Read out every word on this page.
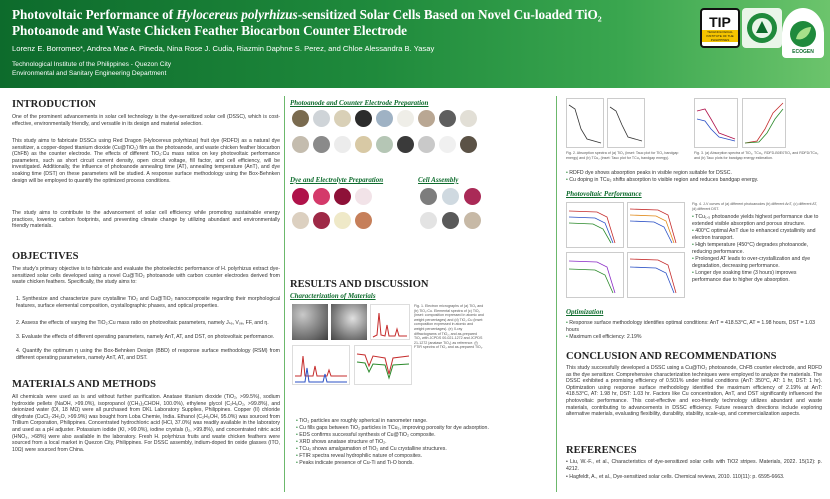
Photovoltaic Performance of Hylocereus polyrhizus-sensitized Solar Cells Based on Novel Cu-loaded TiO₂ Photoanode and Waste Chicken Feather Biocarbon Counter Electrode
Lorenz E. Borromeo*, Andrea Mae A. Pineda, Nina Rose J. Cudia, Riazmin Daphne S. Perez, and Chloe Alessandra B. Yasay
Technological Institute of the Philippines - Quezon City
Environmental and Sanitary Engineering Department
TIP
TECHNOLOGICAL INSTITUTE OF THE PHILIPPINES
ECOGEN
INTRODUCTION
One of the prominent advancements in solar cell technology is the dye-sensitized solar cell (DSSC), which is cost-effective, environmentally friendly, and versatile in its design and material selection.
This study aims to fabricate DSSCs using Red Dragon (Hylocereus polyrhizus) fruit dye (RDFD) as a natural dye sensitizer, a copper-doped titanium dioxide (Cu@TiO₂) film as the photoanode, and waste chicken feather biocarbon (ChFB) as the counter electrode. The effects of different TiO₂:Cu mass ratios on key photovoltaic performance parameters, such as short circuit current density, open circuit voltage, fill factor, and cell efficiency, will be investigated. Additionally, the influence of photoanode annealing time (AT), annealing temperature (AnT), and dye soaking time (DST) on these parameters will be studied. A response surface methodology using the Box-Behnken design will be employed to quantify the optimized process conditions.
The study aims to contribute to the advancement of solar cell efficiency while promoting sustainable energy practices, lowering carbon footprints, and preventing climate change by utilizing abundant and environmentally friendly materials.
OBJECTIVES
The study's primary objective is to fabricate and evaluate the photoelectric performance of H. polyrhizus extract dye-sensitized solar cells developed using a novel Cu@TiO₂ photoanode with carbon counter electrodes derived from waste chicken feathers. Specifically, the study aims to:
1. Synthesize and characterize pure crystalline TiO₂ and Cu@TiO₂ nanocomposite regarding their morphological features, surface elemental composition, crystallographic phases, and optical properties.
2. Assess the effects of varying the TiO₂:Cu mass ratio on photovoltaic parameters, namely Jₛₑ, Vₒₑ, FF, and η.
3. Evaluate the effects of different operating parameters, namely AnT, AT, and DST, on photovoltaic performance.
4. Quantify the optimum η using the Box-Behnken Design (BBD) of response surface methodology (RSM) from different operating parameters, namely AnT, AT, and DST.
MATERIALS AND METHODS
All chemicals were used as is and without further purification. Anatase titanium dioxide (TiO₂, >99.5%), sodium hydroxide pellets (NaOH, >99.0%), isopropanol ((CH₃)₂CHOH, 100.0%), ethylene glycol (C₂H₆O₂, >99.8%), and deionized water (DI, 18 MΩ) were all purchased from DKL Laboratory Supplies, Philippines. Copper (II) chloride dihydrate (CuCl₂·2H₂O, >99.9%) was bought from Loba Chemie, India. Ethanol (C₂H₅OH, 95.0%) was sourced from Trillium Corporation, Philippines. Concentrated hydrochloric acid (HCl, 37.0%) was readily available in the laboratory and used as a pH adjuster. Potassium iodide (KI, >99.0%), iodine crystals (I₂, >99.8%), and concentrated nitric acid (HNO₃, >68%) were also available in the laboratory. Fresh H. polyrhizus fruits and waste chicken feathers were sourced from a local market in Quezon City, Philippines. For DSSC assembly, indium-doped tin oxide glasses (ITO, 10Ω) were sourced from China.
Photoanode and Counter Electrode Preparation
Dye and Electrolyte Preparation	Cell Assembly
RESULTS AND DISCUSSION
Characterization of Materials
Fig. 1. Electron micrographs of (a) TiO₂ and (b) TiO₂:Cu. Elemental spectra of (c) TiO₂ (inset: composition expressed in atomic and weight percentages) and (d) TiO₂:Cu (inset: composition expressed in atomic and weight percentages). (e) X-ray diffractograms of TiO₂, and as-prepared TiO₂ with JCPDS 00-021-1272 and JCPDS 21-1272 (anatase TiO₂) as reference. (f) FTIR spectra of TiO₂ and as-prepared TiO₂.
• TiO₂ particles are roughly spherical in nanometer range.
• Cu fills gaps between TiO₂ particles in TCu₂, improving porosity for dye adsorption.
• EDS confirms successful synthesis of Cu@TiO₂ composite.
• XRD shows anatase structure of TiO₂.
• TCu₂ shows amalgamation of TiO₂ and Cu crystalline structures.
• FTIR spectra reveal hydrophilic nature of composites.
• Peaks indicate presence of Cu-Ti and Ti-O bonds.
Fig. 2. Absorption spectra of (a) TiO₂ (inset: Tauc plot for TiO₂ bandgap energy) and (b) TCu₂ (inset: Tauc plot for TCu₂ bandgap energy).
Fig. 3. (a) Absorption spectra of TiO₂, TCu₂, RDFD-B0E0TiO₂ and RDFD/TCu₂ and (b) Tauc plots for bandgap energy estimation.
• RDFD dye shows absorption peaks in visible region suitable for DSSC.
• Cu doping in TCu₂ shifts absorption to visible region and reduces bandgap energy.
Photovoltaic Performance
Fig. 4. J-V curves of (a) different photoanodes (b) different AnT, (c) different AT, (d) different DST.
• TCu₁.₅ photoanode yields highest performance due to extended visible absorption and porous structure.
• 400°C optimal AnT due to enhanced crystallinity and electron transport.
• High temperature (450°C) degrades photoanode, reducing performance.
• Prolonged AT leads to over-crystallization and dye degradation, decreasing performance.
• Longer dye soaking time (3 hours) improves performance due to higher dye absorption.
Optimization
• Response surface methodology identifies optimal conditions: AnT = 418.53°C, AT = 1.98 hours, DST = 1.03 hours
• Maximum cell efficiency: 2.19%
CONCLUSION AND RECOMMENDATIONS
This study successfully developed a DSSC using a Cu@TiO₂ photoanode, ChFB counter electrode, and RDFD as the dye sensitizer. Comprehensive characterization techniques were employed to analyze the materials. The DSSC exhibited a promising efficiency of 0.501% under initial conditions (AnT: 350°C, AT: 1 hr, DST: 1 hr). Optimization using response surface methodology identified the maximum efficiency of 2.19% at AnT: 418.53°C, AT: 1.98 hr, DST: 1.03 hr. Factors like Cu concentration, AnT, and DST significantly influenced the photovoltaic performance. This cost-effective and eco-friendly technology utilizes abundant and waste materials, contributing to advancements in DSSC efficiency. Future research directions include exploring alternative materials, evaluating flexibility, durability, stability, scale-up, and commercialization aspects.
REFERENCES
• Liu, W.-F., et al., Characteristics of dye-sensitized solar cells with TiO2 stripes. Materials, 2022. 15(12): p. 4212.
• Hagfeldt, A., et al., Dye-sensitized solar cells. Chemical reviews, 2010. 110(11): p. 6595-6663.
